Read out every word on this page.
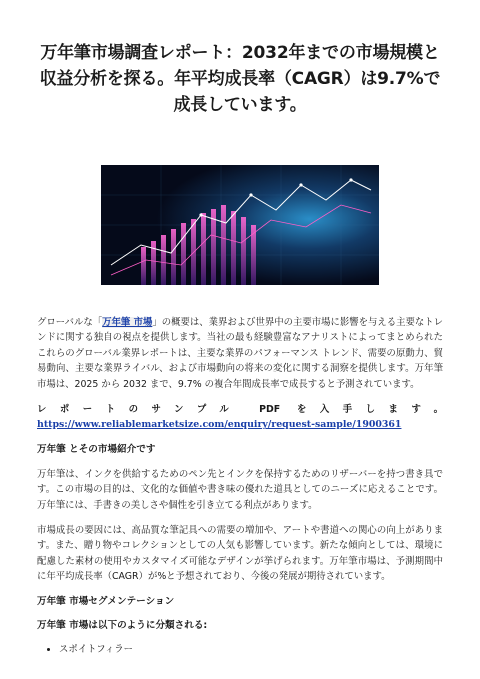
万年筆市場調査レポート：2032年までの市場規模と収益分析を探る。年平均成長率（CAGR）は9.7%で成長しています。

グローバルな「万年筆 市場」の概要は、業界および世界中の主要市場に影響を与える主要なトレンドに関する独自の視点を提供します。当社の最も経験豊富なアナリストによってまとめられたこれらのグローバル業界レポートは、主要な業界のパフォーマンス トレンド、需要の原動力、貿易動向、主要な業界ライバル、および市場動向の将来の変化に関する洞察を提供します。万年筆 市場は、2025 から 2032 まで、9.7% の複合年間成長率で成長すると予測されています。

レポートのサンプル PDF を入手します。 https://www.reliablemarketsize.com/enquiry/request-sample/1900361

万年筆 とその市場紹介です

万年筆は、インクを供給するためのペン先とインクを保持するためのリザーバーを持つ書き具です。この市場の目的は、文化的な価値や書き味の優れた道具としてのニーズに応えることです。万年筆には、手書きの美しさや個性を引き立てる利点があります。

市場成長の要因には、高品質な筆記具への需要の増加や、アートや書道への関心の向上があります。また、贈り物やコレクションとしての人気も影響しています。新たな傾向としては、環境に配慮した素材の使用やカスタマイズ可能なデザインが挙げられます。万年筆市場は、予測期間中に年平均成長率（CAGR）が%と予想されており、今後の発展が期待されています。

万年筆 市場セグメンテーション

万年筆 市場は以下のように分類される:

• スポイトフィラー
